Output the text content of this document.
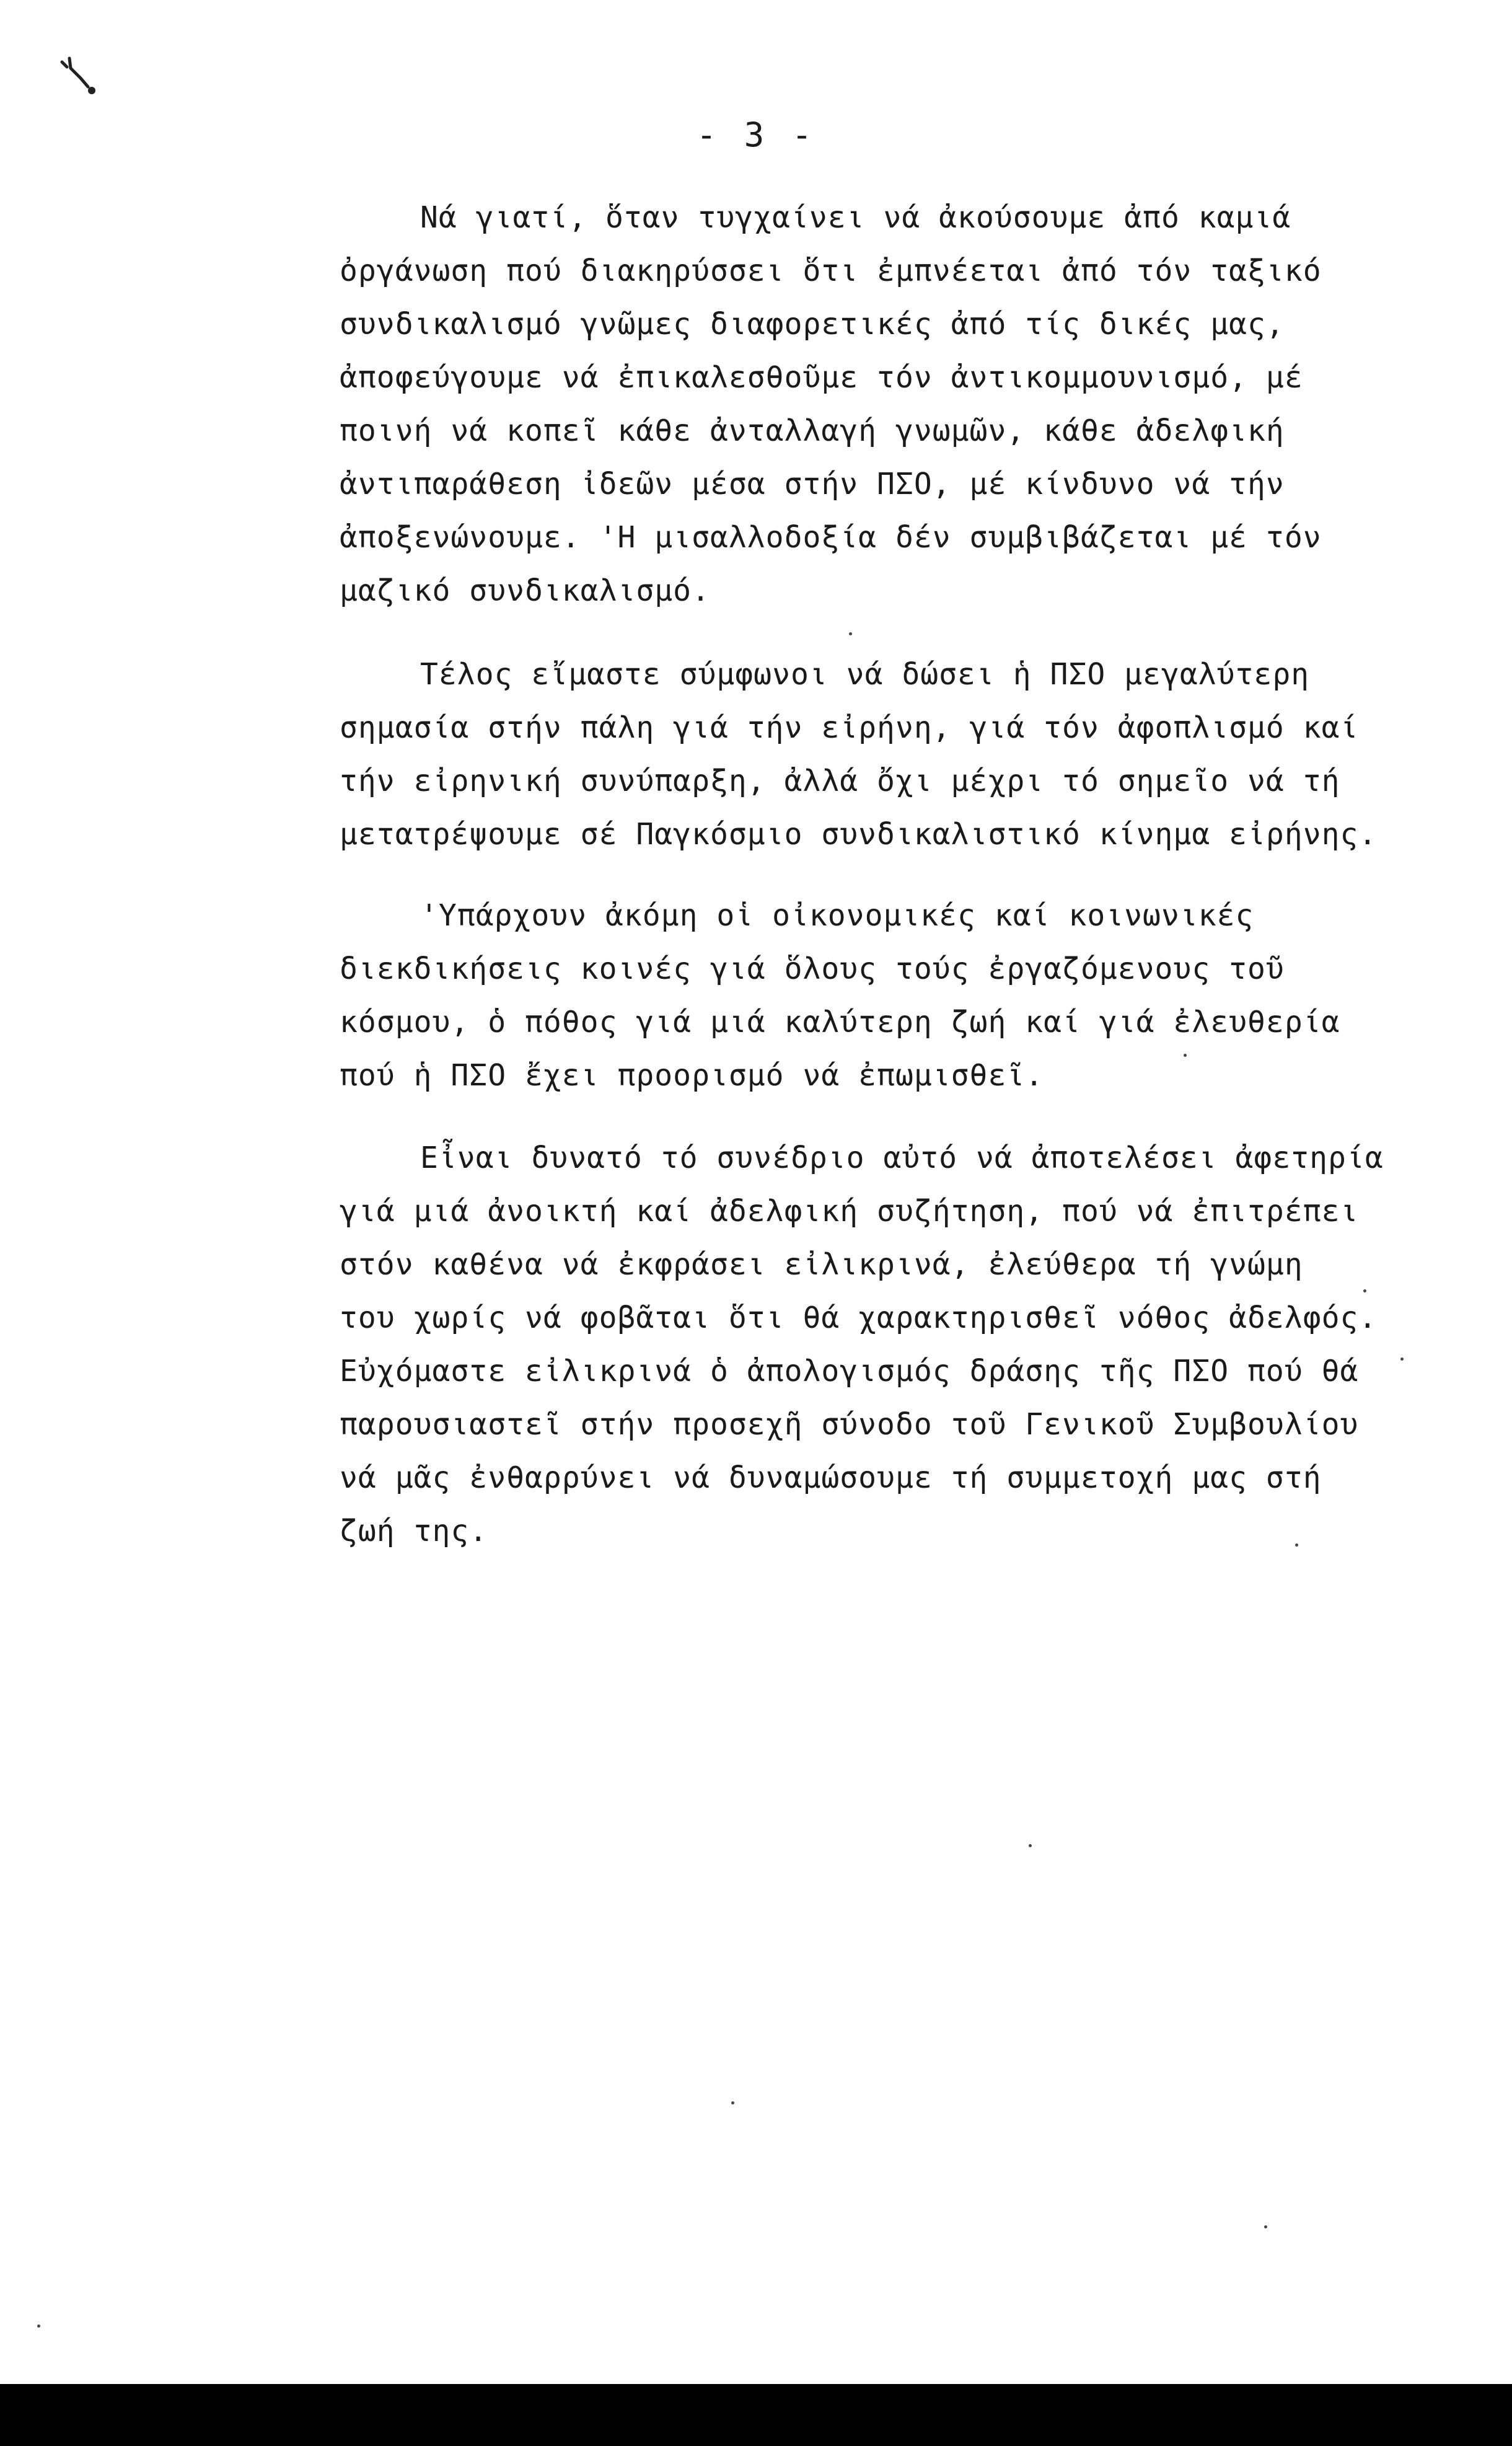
- 3 -
Νά γιατί, ὅταν τυγχαίνει νά ἀκούσουμε ἀπό καμιά
ὀργάνωση πού διακηρύσσει ὅτι ἐμπνέεται ἀπό τόν ταξικό
συνδικαλισμό γνῶμες διαφορετικές ἀπό τίς δικές μας,
ἀποφεύγουμε νά ἐπικαλεσθοῦμε τόν ἀντικομμουνισμό, μέ
ποινή νά κοπεῖ κάθε ἀνταλλαγή γνωμῶν, κάθε ἀδελφική
ἀντιπαράθεση ἰδεῶν μέσα στήν ΠΣΟ, μέ κίνδυνο νά τήν
ἀποξενώνουμε. 'Η μισαλλοδοξία δέν συμβιβάζεται μέ τόν
μαζικό συνδικαλισμό.
Τέλος εἴμαστε σύμφωνοι νά δώσει ἡ ΠΣΟ μεγαλύτερη
σημασία στήν πάλη γιά τήν εἰρήνη, γιά τόν ἀφοπλισμό καί
τήν εἰρηνική συνύπαρξη, ἀλλά ὄχι μέχρι τό σημεῖο νά τή
μετατρέψουμε σέ Παγκόσμιο συνδικαλιστικό κίνημα εἰρήνης.
'Υπάρχουν ἀκόμη οἱ οἰκονομικές καί κοινωνικές
διεκδικήσεις κοινές γιά ὅλους τούς ἐργαζόμενους τοῦ
κόσμου, ὁ πόθος γιά μιά καλύτερη ζωή καί γιά ἐλευθερία
πού ἡ ΠΣΟ ἔχει προορισμό νά ἐπωμισθεῖ.
Εἶναι δυνατό τό συνέδριο αὐτό νά ἀποτελέσει ἀφετηρία
γιά μιά ἀνοικτή καί ἀδελφική συζήτηση, πού νά ἐπιτρέπει
στόν καθένα νά ἐκφράσει εἰλικρινά, ἐλεύθερα τή γνώμη
του χωρίς νά φοβᾶται ὅτι θά χαρακτηρισθεῖ νόθος ἀδελφός.
Εὐχόμαστε εἰλικρινά ὁ ἀπολογισμός δράσης τῆς ΠΣΟ πού θά
παρουσιαστεῖ στήν προσεχῆ σύνοδο τοῦ Γενικοῦ Συμβουλίου
νά μᾶς ἐνθαρρύνει νά δυναμώσουμε τή συμμετοχή μας στή
ζωή της.
